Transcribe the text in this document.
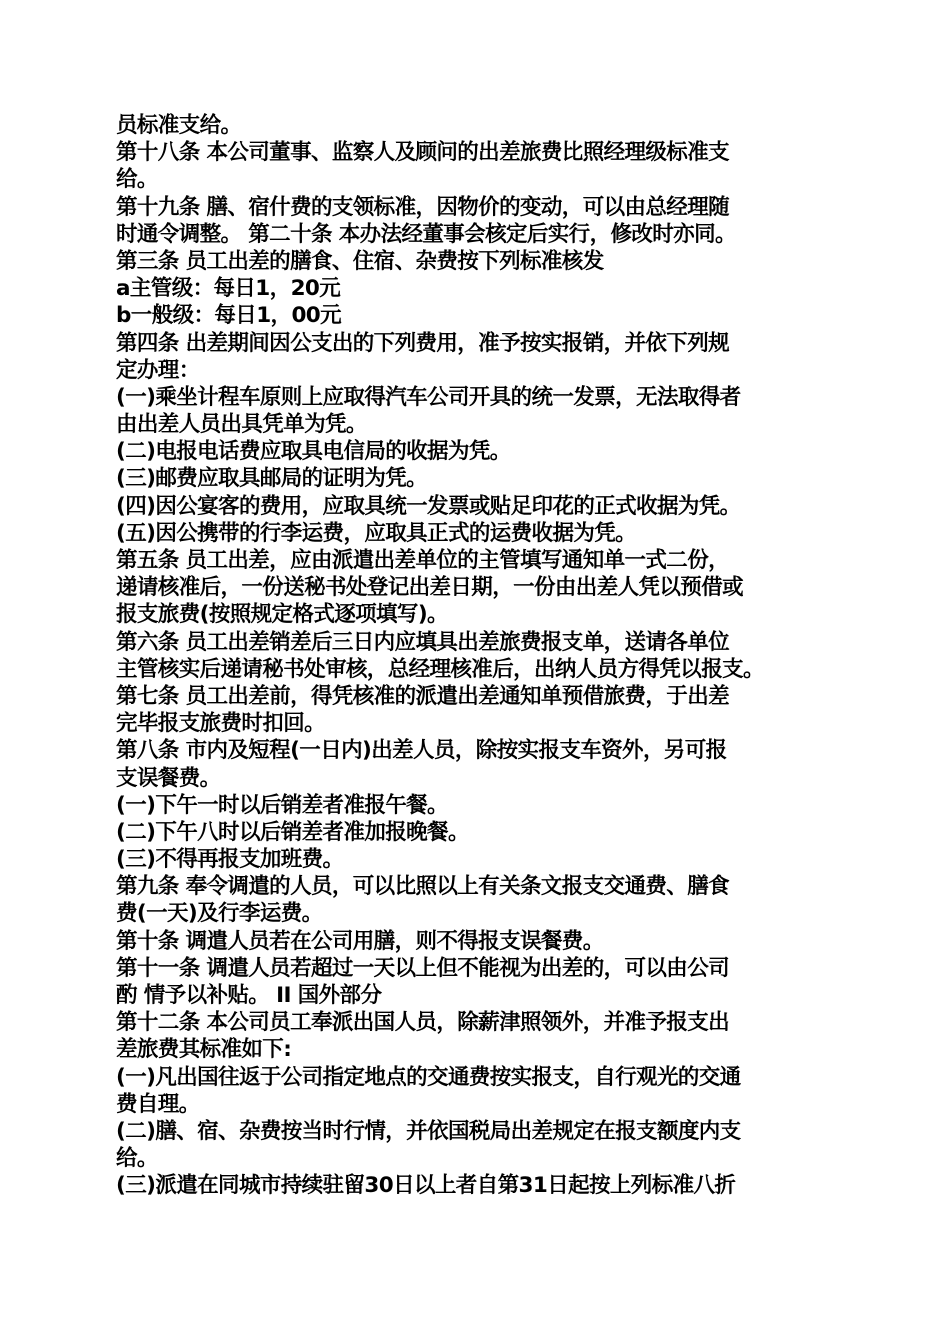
员标准支给。
第十八条 本公司董事、监察人及顾问的出差旅费比照经理级标准支
给。
第十九条 膳、宿什费的支领标准，因物价的变动，可以由总经理随
时通令调整。 第二十条 本办法经董事会核定后实行，修改时亦同。
第三条 员工出差的膳食、住宿、杂费按下列标准核发
a主管级：每日1，20元
b一般级：每日1，00元
第四条 出差期间因公支出的下列费用，准予按实报销，并依下列规
定办理：
(一)乘坐计程车原则上应取得汽车公司开具的统一发票，无法取得者
由出差人员出具凭单为凭。
(二)电报电话费应取具电信局的收据为凭。
(三)邮费应取具邮局的证明为凭。
(四)因公宴客的费用，应取具统一发票或贴足印花的正式收据为凭。
(五)因公携带的行李运费，应取具正式的运费收据为凭。
第五条 员工出差，应由派遣出差单位的主管填写通知单一式二份，
递请核准后，一份送秘书处登记出差日期，一份由出差人凭以预借或
报支旅费(按照规定格式逐项填写)。
第六条 员工出差销差后三日内应填具出差旅费报支单，送请各单位
主管核实后递请秘书处审核，总经理核准后，出纳人员方得凭以报支。
第七条 员工出差前，得凭核准的派遣出差通知单预借旅费，于出差
完毕报支旅费时扣回。
第八条 市内及短程(一日内)出差人员，除按实报支车资外，另可报
支误餐费。
(一)下午一时以后销差者准报午餐。
(二)下午八时以后销差者准加报晚餐。
(三)不得再报支加班费。
第九条 奉令调遣的人员，可以比照以上有关条文报支交通费、膳食
费(一天)及行李运费。
第十条 调遣人员若在公司用膳，则不得报支误餐费。
第十一条 调遣人员若超过一天以上但不能视为出差的，可以由公司
酌 情予以补贴。 II 国外部分
第十二条 本公司员工奉派出国人员，除薪津照领外，并准予报支出
差旅费其标准如下:
(一)凡出国往返于公司指定地点的交通费按实报支，自行观光的交通
费自理。
(二)膳、宿、杂费按当时行情，并依国税局出差规定在报支额度内支
给。
(三)派遣在同城市持续驻留30日以上者自第31日起按上列标准八折
